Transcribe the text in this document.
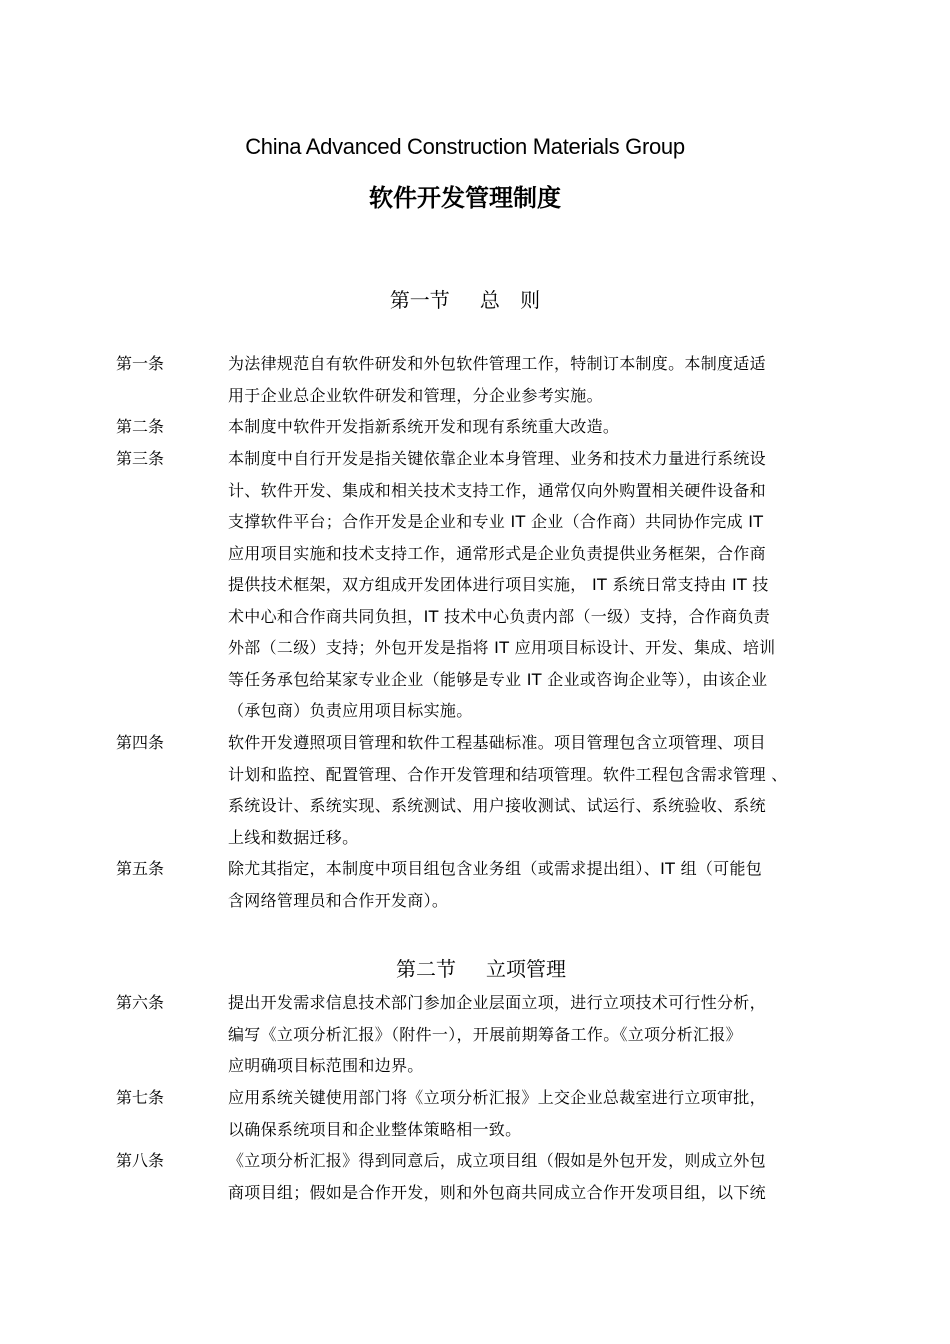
China Advanced Construction Materials Group
软件开发管理制度
第一节 总 则
第一条	为法律规范自有软件研发和外包软件管理工作，特制订本制度。本制度适适
用于企业总企业软件研发和管理，分企业参考实施。
第二条	本制度中软件开发指新系统开发和现有系统重大改造。
第三条	本制度中自行开发是指关键依靠企业本身管理、业务和技术力量进行系统设
计、软件开发、集成和相关技术支持工作，通常仅向外购置相关硬件设备和
支撑软件平台；合作开发是企业和专业 IT 企业（合作商）共同协作完成 IT
应用项目实施和技术支持工作，通常形式是企业负责提供业务框架，合作商
提供技术框架，双方组成开发团体进行项目实施， IT 系统日常支持由 IT 技
术中心和合作商共同负担，IT 技术中心负责内部（一级）支持，合作商负责
外部（二级）支持；外包开发是指将 IT 应用项目标设计、开发、集成、培训
等任务承包给某家专业企业（能够是专业 IT 企业或咨询企业等），由该企业
（承包商）负责应用项目标实施。
第四条	软件开发遵照项目管理和软件工程基础标准。项目管理包含立项管理、项目
计划和监控、配置管理、合作开发管理和结项管理。软件工程包含需求管理 、
系统设计、系统实现、系统测试、用户接收测试、试运行、系统验收、系统
上线和数据迁移。
第五条	除尤其指定，本制度中项目组包含业务组（或需求提出组）、IT 组（可能包
含网络管理员和合作开发商）。
第二节 立项管理
第六条	提出开发需求信息技术部门参加企业层面立项，进行立项技术可行性分析，
编写《立项分析汇报》（附件一），开展前期筹备工作。《立项分析汇报》
应明确项目标范围和边界。
第七条	应用系统关键使用部门将《立项分析汇报》上交企业总裁室进行立项审批，
以确保系统项目和企业整体策略相一致。
第八条	《立项分析汇报》得到同意后，成立项目组（假如是外包开发，则成立外包
商项目组；假如是合作开发，则和外包商共同成立合作开发项目组，以下统
